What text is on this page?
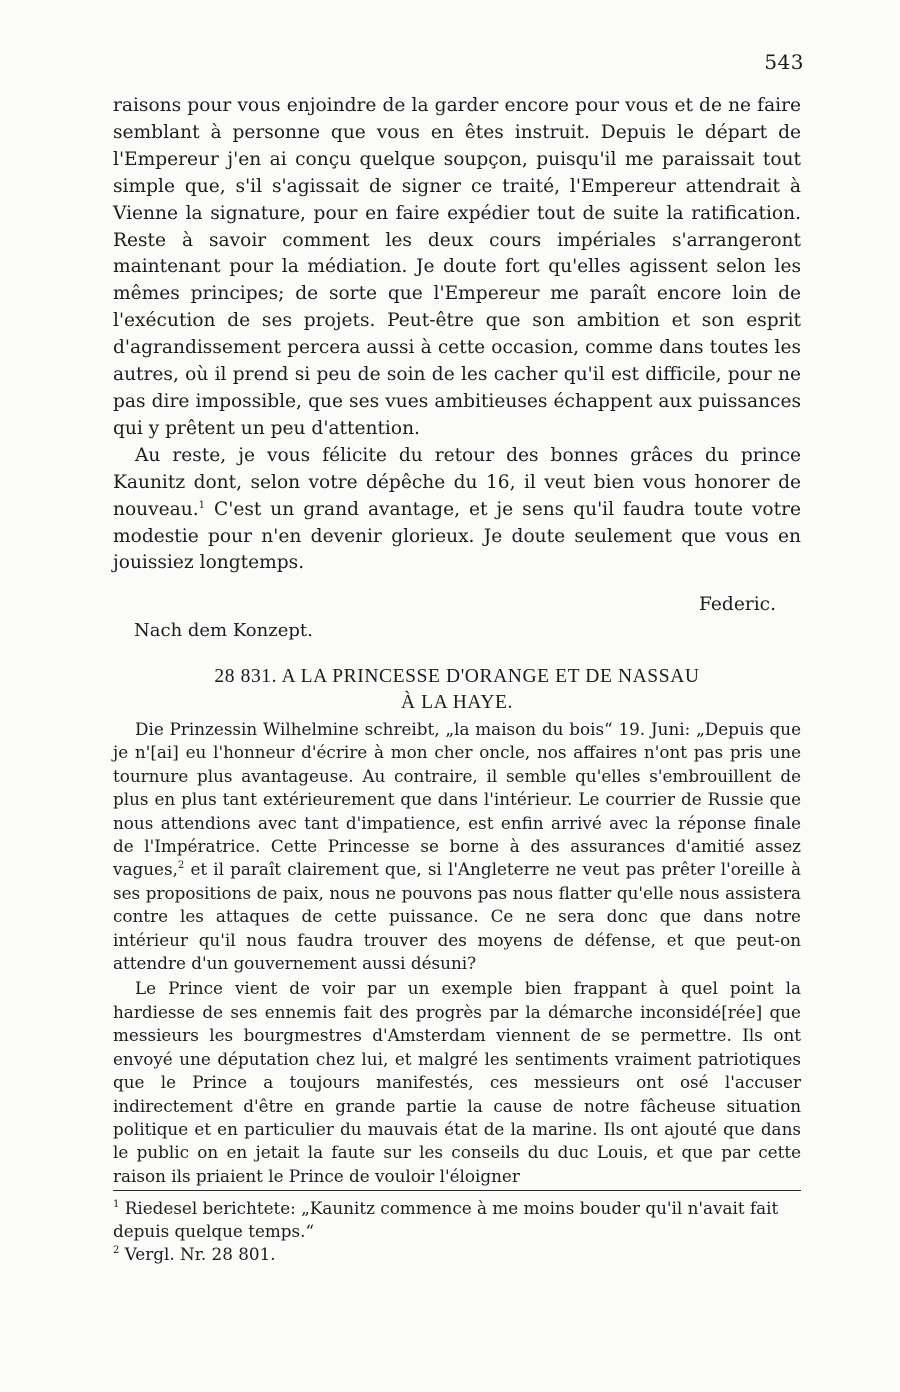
543

raisons pour vous enjoindre de la garder encore pour vous et de ne faire semblant à personne que vous en êtes instruit. Depuis le départ de l'Empereur j'en ai conçu quelque soupçon, puisqu'il me paraissait tout simple que, s'il s'agissait de signer ce traité, l'Empereur attendrait à Vienne la signature, pour en faire expédier tout de suite la ratification. Reste à savoir comment les deux cours impériales s'arrangeront maintenant pour la médiation. Je doute fort qu'elles agissent selon les mêmes principes; de sorte que l'Empereur me paraît encore loin de l'exécution de ses projets. Peut-être que son ambition et son esprit d'agrandissement percera aussi à cette occasion, comme dans toutes les autres, où il prend si peu de soin de les cacher qu'il est difficile, pour ne pas dire impossible, que ses vues ambitieuses échappent aux puissances qui y prêtent un peu d'attention.

Au reste, je vous félicite du retour des bonnes grâces du prince Kaunitz dont, selon votre dépêche du 16, il veut bien vous honorer de nouveau.$^1$ C'est un grand avantage, et je sens qu'il faudra toute votre modestie pour n'en devenir glorieux. Je doute seulement que vous en jouissiez longtemps.

Federic.
Nach dem Konzept.
28 831. A LA PRINCESSE D'ORANGE ET DE NASSAU
À LA HAYE.

Die Prinzessin Wilhelmine schreibt, „la maison du bois“ 19. Juni: „Depuis que je n'[ai] eu l'honneur d'écrire à mon cher oncle, nos affaires n'ont pas pris une tournure plus avantageuse. Au contraire, il semble qu'elles s'embrouillent de plus en plus tant extérieurement que dans l'intérieur. Le courrier de Russie que nous attendions avec tant d'impatience, est enfin arrivé avec la réponse finale de l'Impératrice. Cette Princesse se borne à des assurances d'amitié assez vagues,$^2$ et il paraît clairement que, si l'Angleterre ne veut pas prêter l'oreille à ses propositions de paix, nous ne pouvons pas nous flatter qu'elle nous assistera contre les attaques de cette puissance. Ce ne sera donc que dans notre intérieur qu'il nous faudra trouver des moyens de défense, et que peut-on attendre d'un gouvernement aussi désuni?

Le Prince vient de voir par un exemple bien frappant à quel point la hardiesse de ses ennemis fait des progrès par la démarche inconsidé[rée] que messieurs les bourgmestres d'Amsterdam viennent de se permettre. Ils ont envoyé une députation chez lui, et malgré les sentiments vraiment patriotiques que le Prince a toujours manifestés, ces messieurs ont osé l'accuser indirectement d'être en grande partie la cause de notre fâcheuse situation politique et en particulier du mauvais état de la marine. Ils ont ajouté que dans le public on en jetait la faute sur les conseils du duc Louis, et que par cette raison ils priaient le Prince de vouloir l'éloigner

$^1$ Riedesel berichtete: „Kaunitz commence à me moins bouder qu'il n'avait fait depuis quelque temps.“

$^2$ Vergl. Nr. 28 801.
